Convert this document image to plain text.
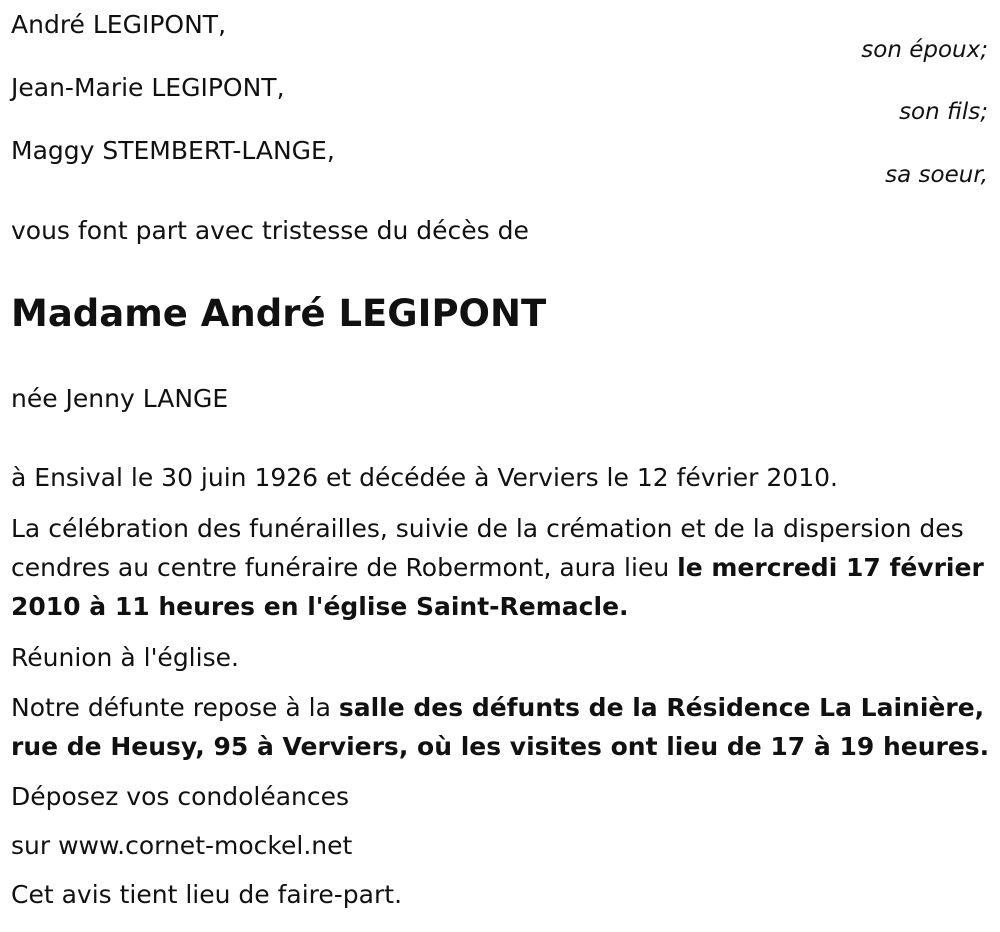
André LEGIPONT,
son époux;
Jean-Marie LEGIPONT,
son fils;
Maggy STEMBERT-LANGE,
sa soeur,
vous font part avec tristesse du décès de
Madame André LEGIPONT
née Jenny LANGE
à Ensival le 30 juin 1926 et décédée à Verviers le 12 février 2010.
La célébration des funérailles, suivie de la crémation et de la dispersion des cendres au centre funéraire de Robermont, aura lieu le mercredi 17 février 2010 à 11 heures en l'église Saint-Remacle.
Réunion à l'église.
Notre défunte repose à la salle des défunts de la Résidence La Lainière, rue de Heusy, 95 à Verviers, où les visites ont lieu de 17 à 19 heures.
Déposez vos condoléances
sur www.cornet-mockel.net
Cet avis tient lieu de faire-part.
